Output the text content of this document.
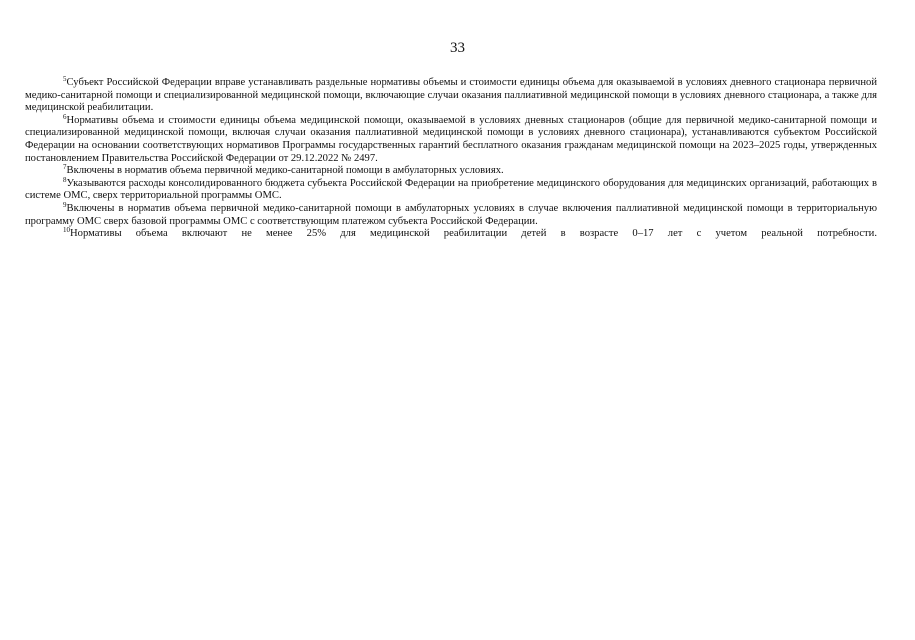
33

$^5$Субъект Российской Федерации вправе устанавливать раздельные нормативы объемы и стоимости единицы объема для оказываемой в условиях дневного стационара первичной медико-санитарной помощи и специализированной медицинской помощи, включающие случаи оказания паллиативной медицинской помощи в условиях дневного стационара, а также для медицинской реабилитации.

$^6$Нормативы объема и стоимости единицы объема медицинской помощи, оказываемой в условиях дневных стационаров (общие для первичной медико-санитарной помощи и специализированной медицинской помощи, включая случаи оказания паллиативной медицинской помощи в условиях дневного стационара), устанавливаются субъектом Российской Федерации на основании соответствующих нормативов Программы государственных гарантий бесплатного оказания гражданам медицинской помощи на 2023–2025 годы, утвержденных постановлением Правительства Российской Федерации от 29.12.2022 № 2497.

$^7$Включены в норматив объема первичной медико-санитарной помощи в амбулаторных условиях.

$^8$Указываются расходы консолидированного бюджета субъекта Российской Федерации на приобретение медицинского оборудования для медицинских организаций, работающих в системе ОМС, сверх территориальной программы ОМС.

$^9$Включены в норматив объема первичной медико-санитарной помощи в амбулаторных условиях в случае включения паллиативной медицинской помощи в территориальную программу ОМС сверх базовой программы ОМС с соответствующим платежом субъекта Российской Федерации.

$^{10}$Нормативы объема включают не менее 25% для медицинской реабилитации детей в возрасте 0–17 лет с учетом реальной потребности.
